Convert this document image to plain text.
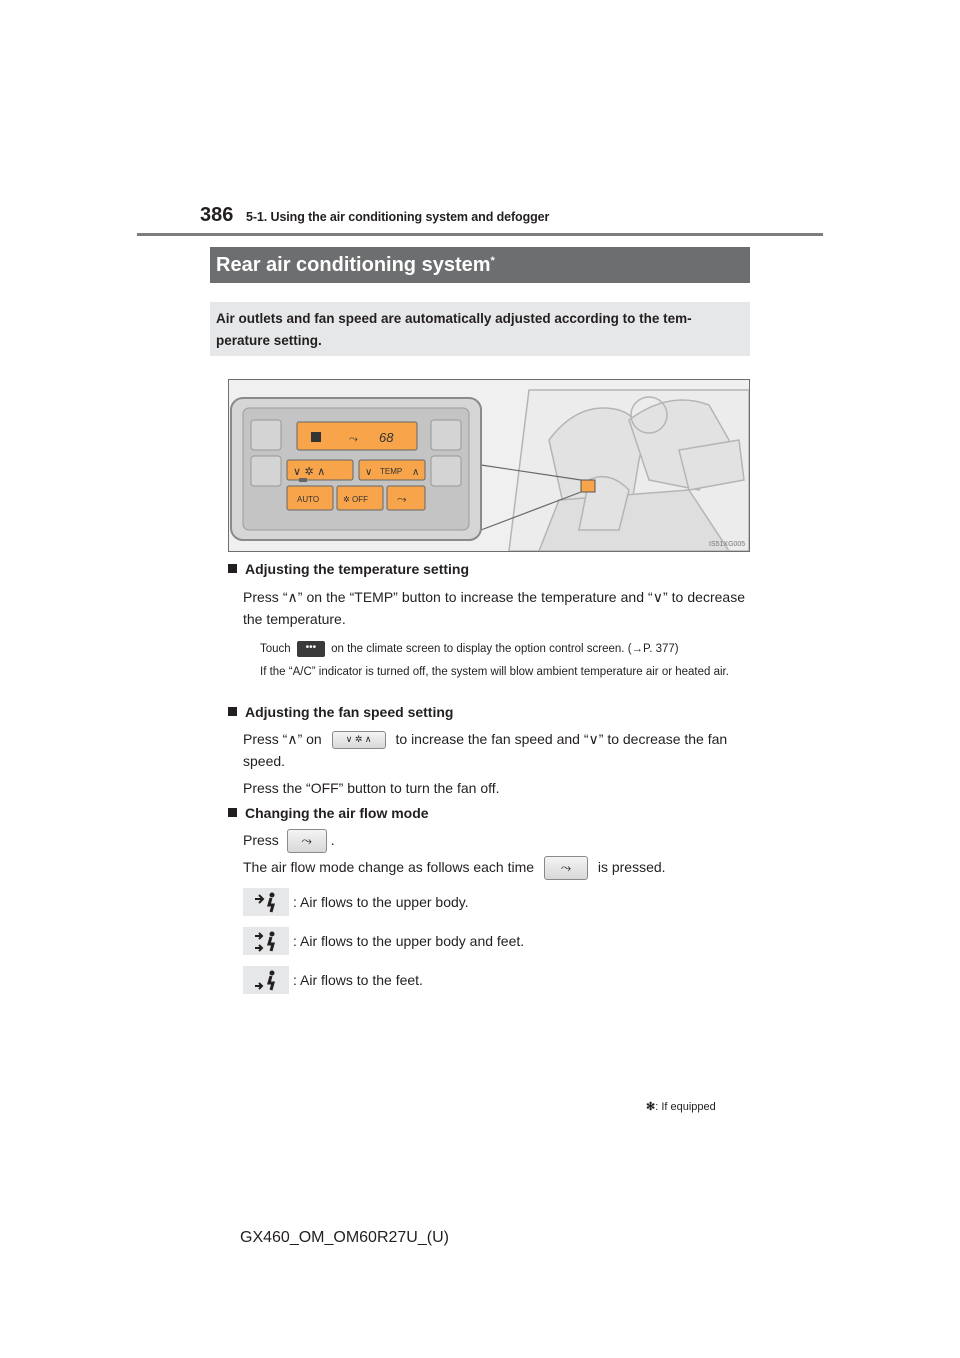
386 5-1. Using the air conditioning system and defogger
Rear air conditioning system*
Air outlets and fan speed are automatically adjusted according to the tem-perature setting.
68
⤳
∨ ✲ ∧	∨ TEMP ∧
AUTO	✲ OFF ⤳
IS51XG005
Adjusting the temperature setting
Press “∧” on the “TEMP” button to increase the temperature and “∨” to decrease the temperature.
Touch ••• on the climate screen to display the option control screen. (→P. 377)
If the “A/C” indicator is turned off, the system will blow ambient temperature air or heated air.
Adjusting the fan speed setting
Press “∧” on	∨ ✲ ∧ to increase the fan speed and “∨” to decrease the fan
speed.
Press the “OFF” button to turn the fan off.
Changing the air flow mode
Press ⤳ .
The air flow mode change as follows each time ⤳ is pressed.
: Air flows to the upper body.
: Air flows to the upper body and feet.
: Air flows to the feet.
✻: If equipped
GX460_OM_OM60R27U_(U)
